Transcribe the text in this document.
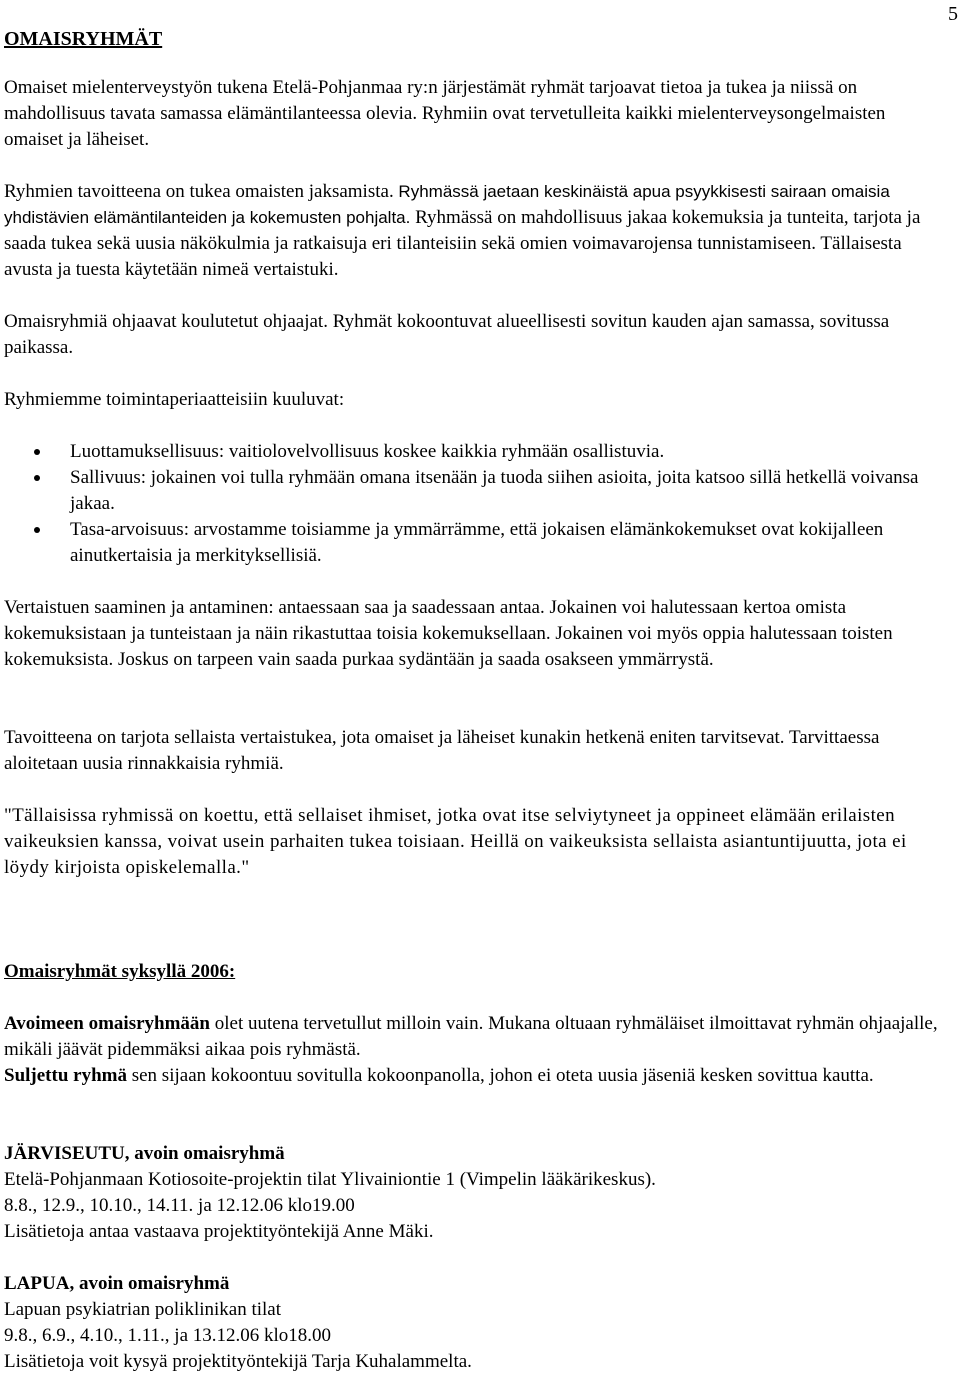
5
OMAISRYHMÄT

Omaiset mielenterveystyön tukena Etelä-Pohjanmaa ry:n järjestämät ryhmät tarjoavat tietoa ja tukea ja niissä on mahdollisuus tavata samassa elämäntilanteessa olevia. Ryhmiin ovat tervetulleita kaikki mielenterveysongelmaisten omaiset ja läheiset.

Ryhmien tavoitteena on tukea omaisten jaksamista. Ryhmässä jaetaan keskinäistä apua psyykkisesti sairaan omaisia yhdistävien elämäntilanteiden ja kokemusten pohjalta. Ryhmässä on mahdollisuus jakaa kokemuksia ja tunteita, tarjota ja saada tukea sekä uusia näkökulmia ja ratkaisuja eri tilanteisiin sekä omien voimavarojensa tunnistamiseen. Tällaisesta avusta ja tuesta käytetään nimeä vertaistuki.

Omaisryhmiä ohjaavat koulutetut ohjaajat. Ryhmät kokoontuvat alueellisesti sovitun kauden ajan samassa, sovitussa paikassa.

Ryhmiemme toimintaperiaatteisiin kuuluvat:

Luottamuksellisuus: vaitiolovelvollisuus koskee kaikkia ryhmään osallistuvia.
Sallivuus: jokainen voi tulla ryhmään omana itsenään ja tuoda siihen asioita, joita katsoo sillä hetkellä voivansa jakaa.
Tasa-arvoisuus: arvostamme toisiamme ja ymmärrämme, että jokaisen elämänkokemukset ovat kokijalleen ainutkertaisia ja merkityksellisiä.

Vertaistuen saaminen ja antaminen: antaessaan saa ja saadessaan antaa. Jokainen voi halutessaan kertoa omista kokemuksistaan ja tunteistaan ja näin rikastuttaa toisia kokemuksellaan. Jokainen voi myös oppia halutessaan toisten kokemuksista. Joskus on tarpeen vain saada purkaa sydäntään ja saada osakseen ymmärrystä.

Tavoitteena on tarjota sellaista vertaistukea, jota omaiset ja läheiset kunakin hetkenä eniten tarvitsevat. Tarvittaessa aloitetaan uusia rinnakkaisia ryhmiä.

"Tällaisissa ryhmissä on koettu, että sellaiset ihmiset, jotka ovat itse selviytyneet ja oppineet elämään erilaisten vaikeuksien kanssa, voivat usein parhaiten tukea toisiaan. Heillä on vaikeuksista sellaista asiantuntijuutta, jota ei löydy kirjoista opiskelemalla."

Omaisryhmät syksyllä 2006:
Avoimeen omaisryhmään olet uutena tervetullut milloin vain. Mukana oltuaan ryhmäläiset ilmoittavat ryhmän ohjaajalle, mikäli jäävät pidemmäksi aikaa pois ryhmästä.
Suljettu ryhmä sen sijaan kokoontuu sovitulla kokoonpanolla, johon ei oteta uusia jäseniä kesken sovittua kautta.
JÄRVISEUTU, avoin omaisryhmä
Etelä-Pohjanmaan Kotiosoite-projektin tilat Ylivainiontie 1 (Vimpelin lääkärikeskus).
8.8., 12.9., 10.10., 14.11. ja 12.12.06 klo19.00
Lisätietoja antaa vastaava projektityöntekijä Anne Mäki.
LAPUA, avoin omaisryhmä
Lapuan psykiatrian poliklinikan tilat
9.8., 6.9., 4.10., 1.11., ja 13.12.06 klo18.00
Lisätietoja voit kysyä projektityöntekijä Tarja Kuhalammelta.
